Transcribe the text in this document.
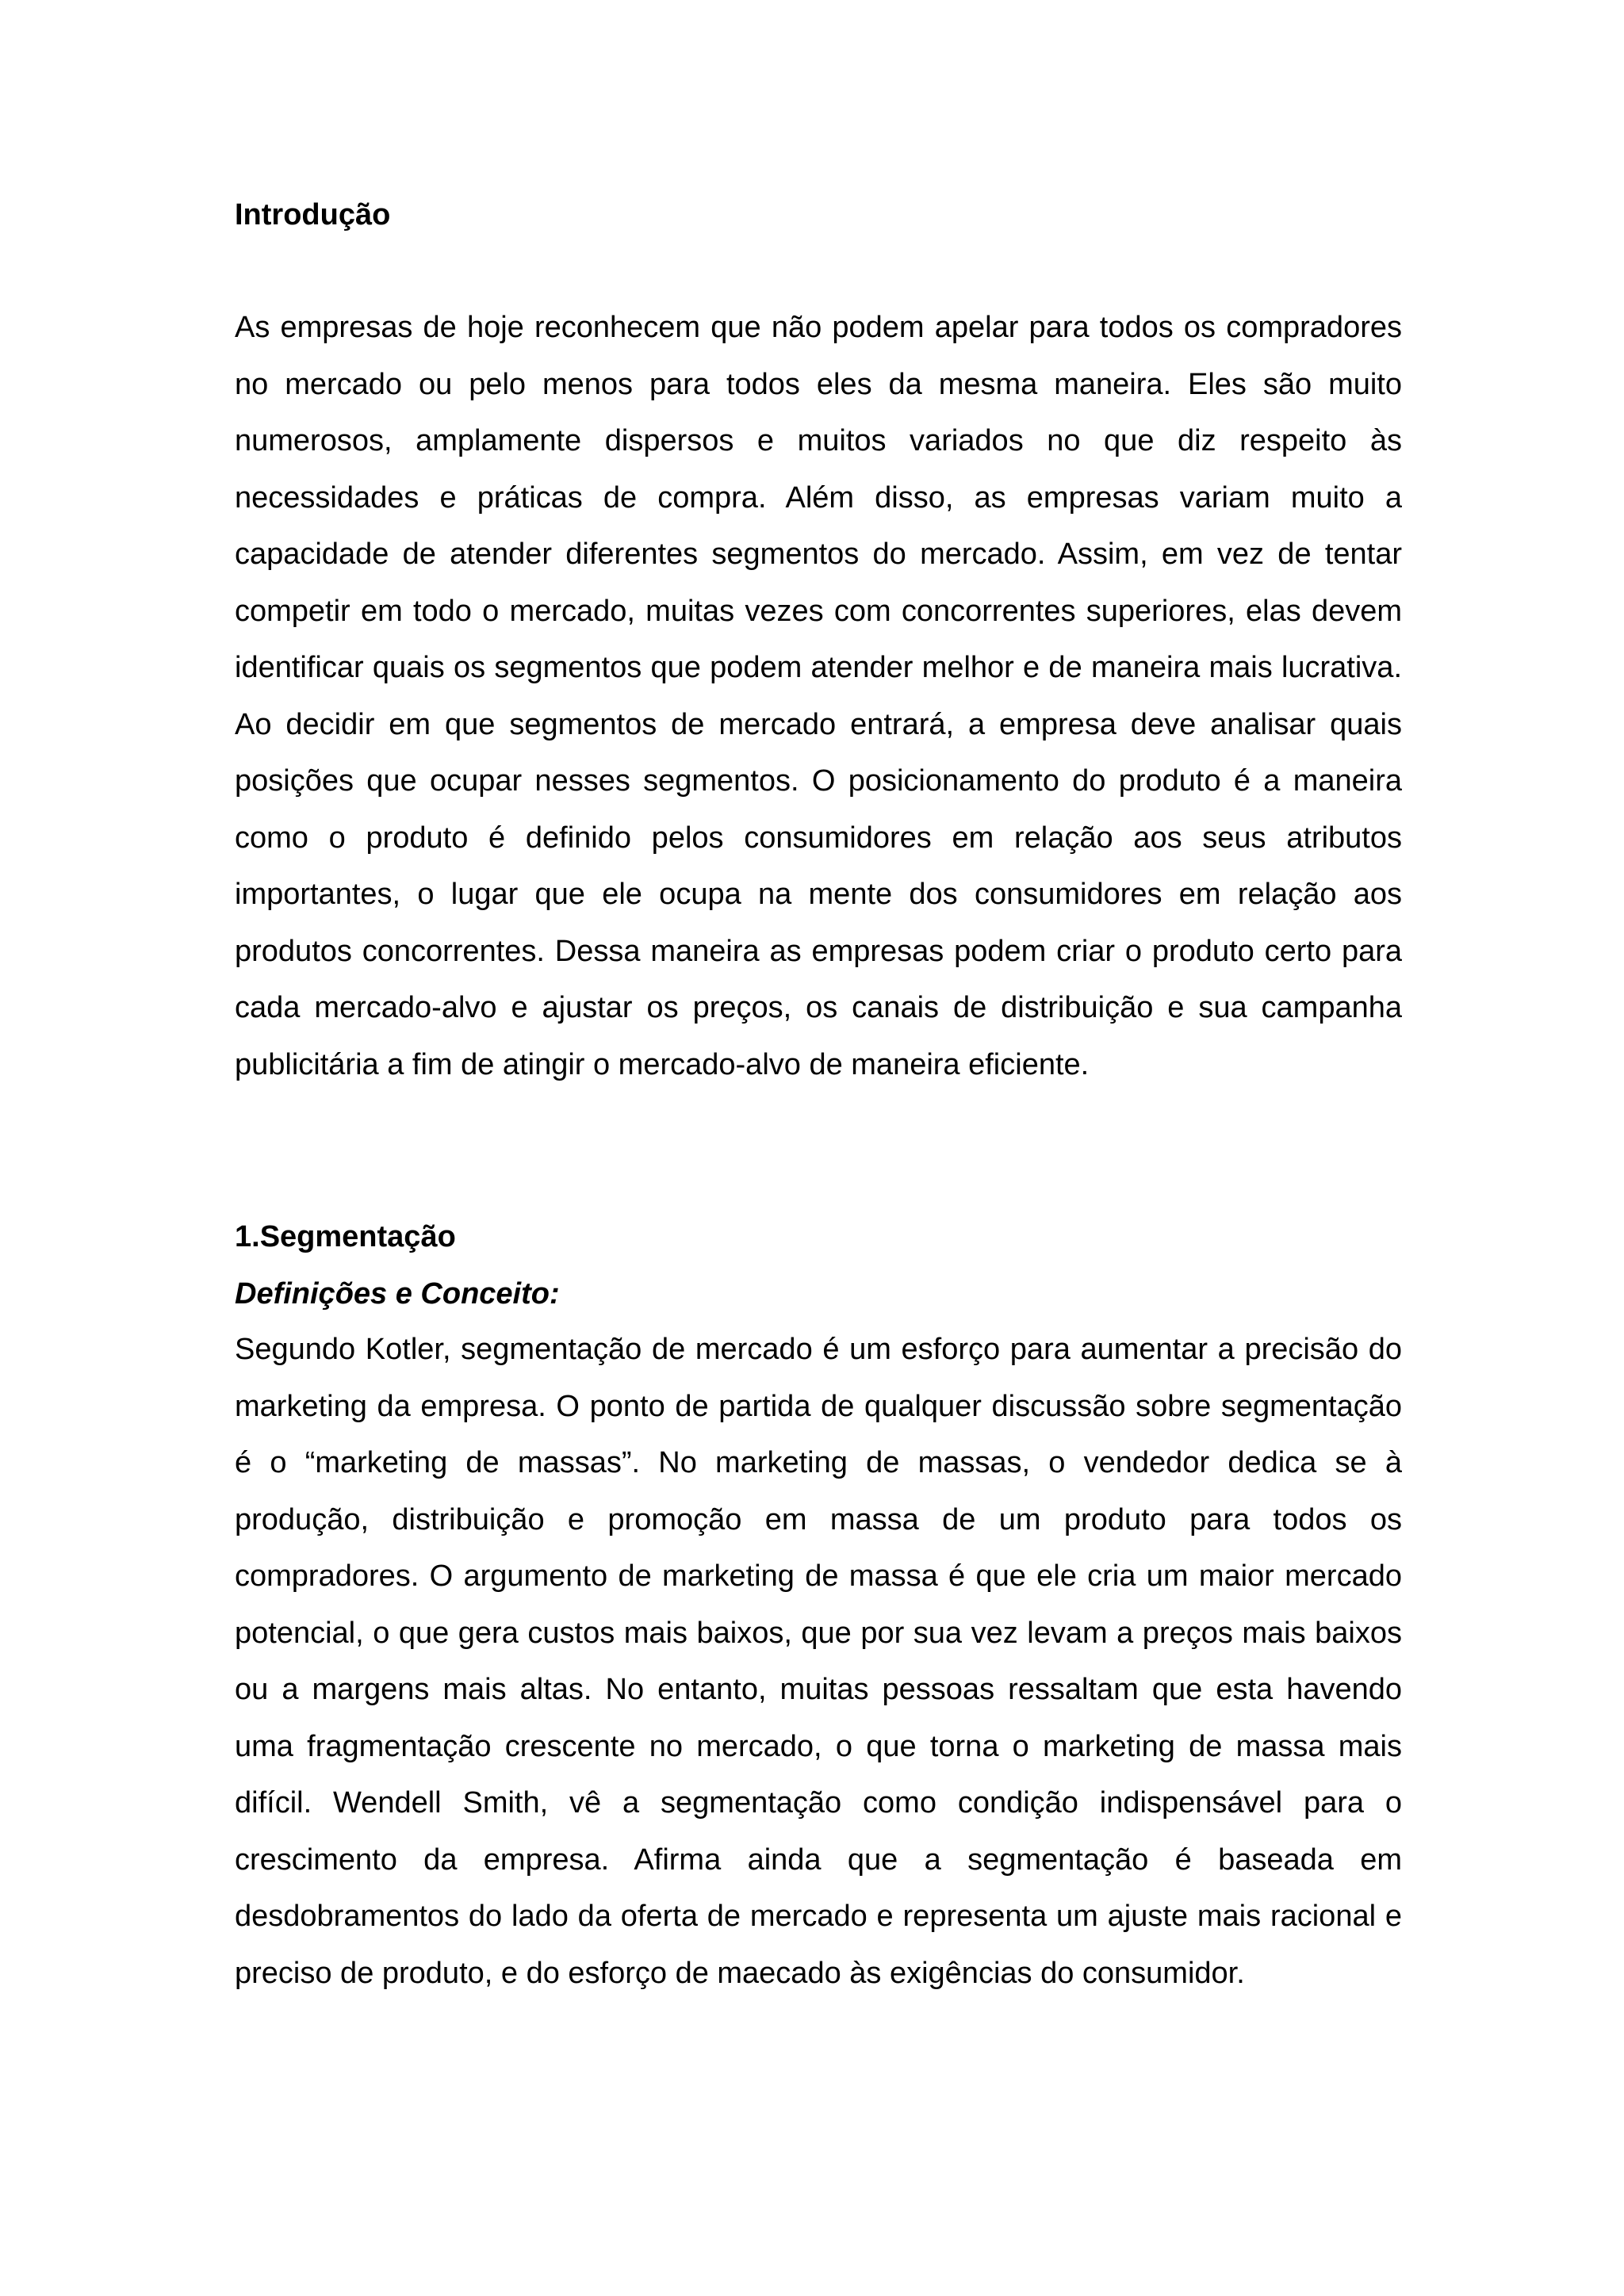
Introdução

As empresas de hoje reconhecem que não podem apelar para todos os compradores no mercado ou pelo menos para todos eles da mesma maneira. Eles são muito numerosos, amplamente dispersos e muitos variados no que diz respeito às necessidades e práticas de compra. Além disso, as empresas variam muito a capacidade de atender diferentes segmentos do mercado. Assim, em vez de tentar competir em todo o mercado, muitas vezes com concorrentes superiores, elas devem identificar quais os segmentos que podem atender melhor e de maneira mais lucrativa. Ao decidir em que segmentos de mercado entrará, a empresa deve analisar quais posições que ocupar nesses segmentos. O posicionamento do produto é a maneira como o produto é definido pelos consumidores em relação aos seus atributos importantes, o lugar que ele ocupa na mente dos consumidores em relação aos produtos concorrentes. Dessa maneira as empresas podem criar o produto certo para cada mercado-alvo e ajustar os preços, os canais de distribuição e sua campanha publicitária a fim de atingir o mercado-alvo de maneira eficiente.

1.Segmentação
Definições e Conceito:

Segundo Kotler, segmentação de mercado é um esforço para aumentar a precisão do marketing da empresa. O ponto de partida de qualquer discussão sobre segmentação é o “marketing de massas”. No marketing de massas, o vendedor dedica se à produção, distribuição e promoção em massa de um produto para todos os compradores. O argumento de marketing de massa é que ele cria um maior mercado potencial, o que gera custos mais baixos, que por sua vez levam a preços mais baixos ou a margens mais altas. No entanto, muitas pessoas ressaltam que esta havendo uma fragmentação crescente no mercado, o que torna o marketing de massa mais difícil. Wendell Smith, vê a segmentação como condição indispensável para o crescimento da empresa. Afirma ainda que a segmentação é baseada em desdobramentos do lado da oferta de mercado e representa um ajuste mais racional e preciso de produto, e do esforço de maecado às exigências do consumidor.
